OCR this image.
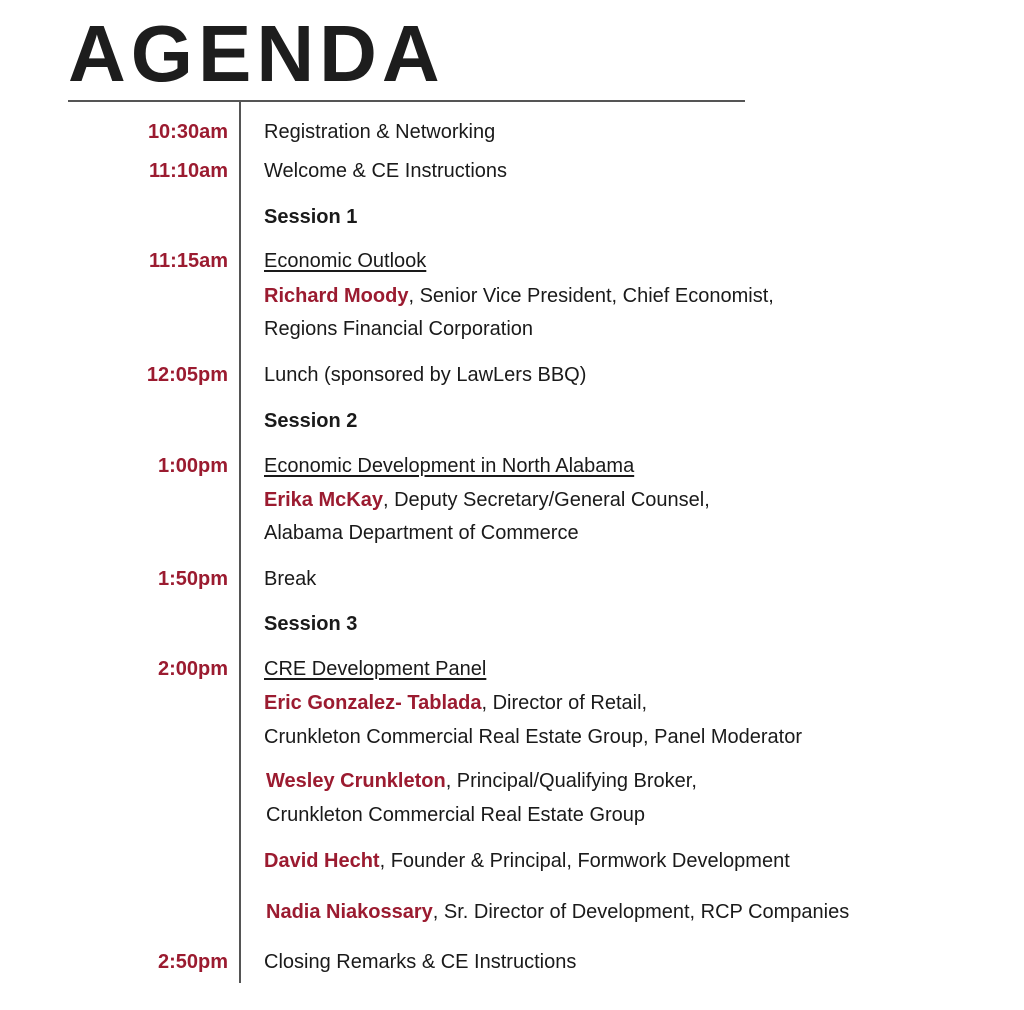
AGENDA
10:30am Registration & Networking
11:10am Welcome & CE Instructions
Session 1
11:15am Economic Outlook
Richard Moody, Senior Vice President, Chief Economist,
Regions Financial Corporation
12:05pm Lunch (sponsored by LawLers BBQ)
Session 2
1:00pm Economic Development in North Alabama
Erika McKay, Deputy Secretary/General Counsel,
Alabama Department of Commerce
1:50pm Break
Session 3
2:00pm CRE Development Panel
Eric Gonzalez- Tablada, Director of Retail,
Crunkleton Commercial Real Estate Group, Panel Moderator
Wesley Crunkleton, Principal/Qualifying Broker,
Crunkleton Commercial Real Estate Group
David Hecht, Founder & Principal, Formwork Development
Nadia Niakossary, Sr. Director of Development, RCP Companies
2:50pm Closing Remarks & CE Instructions
